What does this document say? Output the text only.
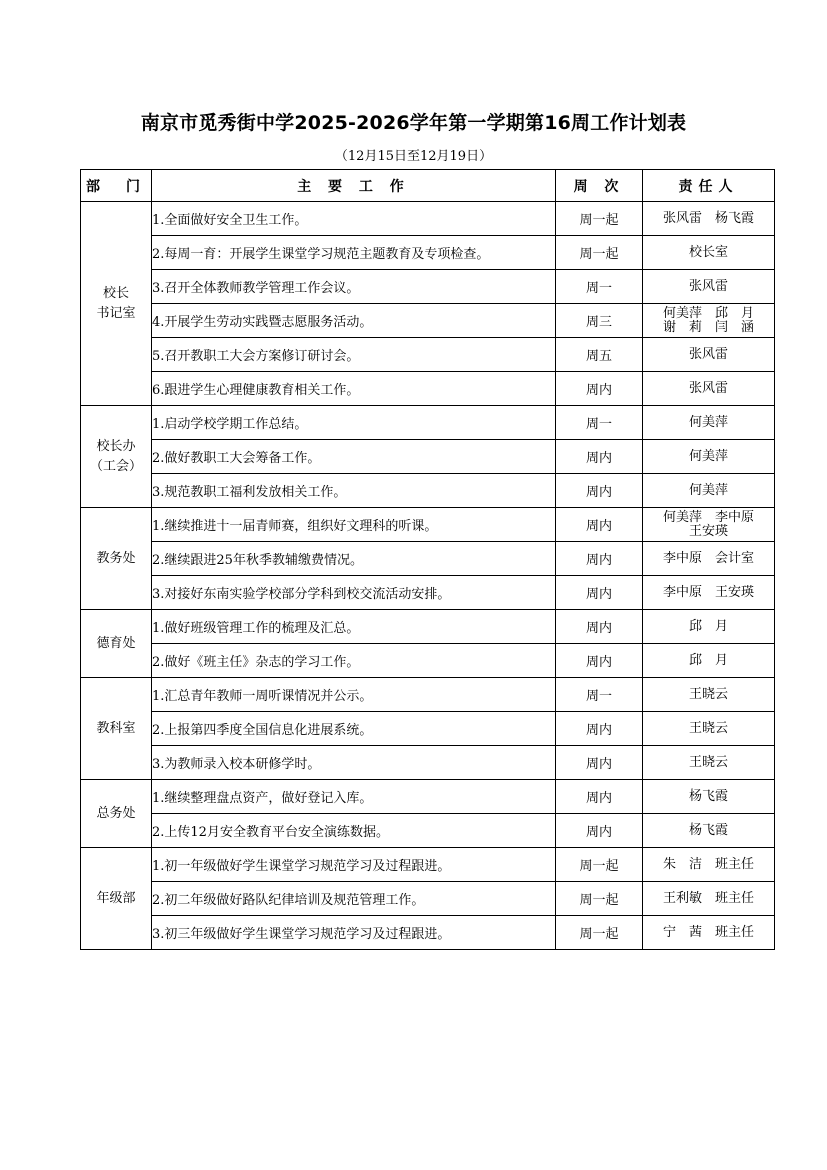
南京市觅秀街中学2025-2026学年第一学期第16周工作计划表
（12月15日至12月19日）
部　门	主 要 工 作	周 次	责任人

校长
书记室	1.全面做好安全卫生工作。	周一起	张风雷　杨飞霞

	2.每周一育：开展学生课堂学习规范主题教育及专项检查。	周一起	校长室

	3.召开全体教师教学管理工作会议。	周一	张风雷

	4.开展学生劳动实践暨志愿服务活动。	周三	何美萍　邱　月
谢　莉　闫　涵

	5.召开教职工大会方案修订研讨会。	周五	张风雷

	6.跟进学生心理健康教育相关工作。	周内	张风雷

校长办
（工会）	1.启动学校学期工作总结。	周一	何美萍

	2.做好教职工大会筹备工作。	周内	何美萍

	3.规范教职工福利发放相关工作。	周内	何美萍

教务处	1.继续推进十一届青师赛，组织好文理科的听课。	周内	何美萍　李中原
王安瑛

	2.继续跟进25年秋季教辅缴费情况。	周内	李中原　会计室

	3.对接好东南实验学校部分学科到校交流活动安排。	周内	李中原　王安瑛

德育处	1.做好班级管理工作的梳理及汇总。	周内	邱　月

	2.做好《班主任》杂志的学习工作。	周内	邱　月

教科室	1.汇总青年教师一周听课情况并公示。	周一	王晓云

	2.上报第四季度全国信息化进展系统。	周内	王晓云

	3.为教师录入校本研修学时。	周内	王晓云

总务处	1.继续整理盘点资产，做好登记入库。	周内	杨飞霞

	2.上传12月安全教育平台安全演练数据。	周内	杨飞霞

年级部	1.初一年级做好学生课堂学习规范学习及过程跟进。	周一起	朱　洁　班主任

	2.初二年级做好路队纪律培训及规范管理工作。	周一起	王利敏　班主任

	3.初三年级做好学生课堂学习规范学习及过程跟进。	周一起	宁　茜　班主任
